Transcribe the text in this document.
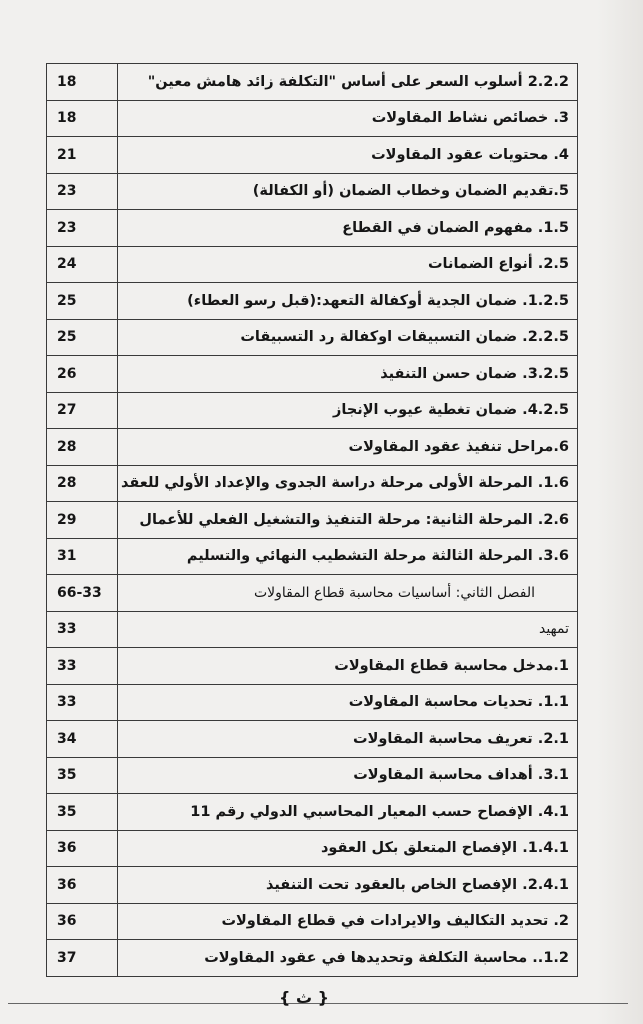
18	2.2.2 أسلوب السعر على أساس "التكلفة زائد هامش معين"
18	3. خصائص نشاط المقاولات
21	4. محتويات عقود المقاولات
23	5.تقديم الضمان وخطاب الضمان (أو الكفالة)
23	1.5. مفهوم الضمان في القطاع
24	2.5. أنواع الضمانات
25	1.2.5. ضمان الجدية أوكفالة التعهد:(قبل رسو العطاء)
25	2.2.5. ضمان التسبيقات اوكفالة رد التسبيقات
26	3.2.5. ضمان حسن التنفيذ
27	4.2.5. ضمان تغطية عيوب الإنجاز
28	6.مراحل تنفيذ عقود المقاولات
28	1.6. المرحلة الأولى مرحلة دراسة الجدوى والإعداد الأولي للعقد
29	2.6. المرحلة الثانية: مرحلة التنفيذ والتشغيل الفعلي للأعمال
31	3.6. المرحلة الثالثة مرحلة التشطيب النهائي والتسليم
66-33	الفصل الثاني: أساسيات محاسبة قطاع المقاولات
33	تمهيد
33	1.مدخل محاسبة قطاع المقاولات
33	1.1. تحديات محاسبة المقاولات
34	2.1. تعريف محاسبة المقاولات
35	3.1. أهداف محاسبة المقاولات
35	4.1. الإفصاح حسب المعيار المحاسبي الدولي رقم 11
36	1.4.1. الإفصاح المتعلق بكل العقود
36	2.4.1. الإفصاح الخاص بالعقود تحت التنفيذ
36	2. تحديد التكاليف والايرادات في قطاع المقاولات
37	1.2.. محاسبة التكلفة وتحديدها في عقود المقاولات
{ ث }
